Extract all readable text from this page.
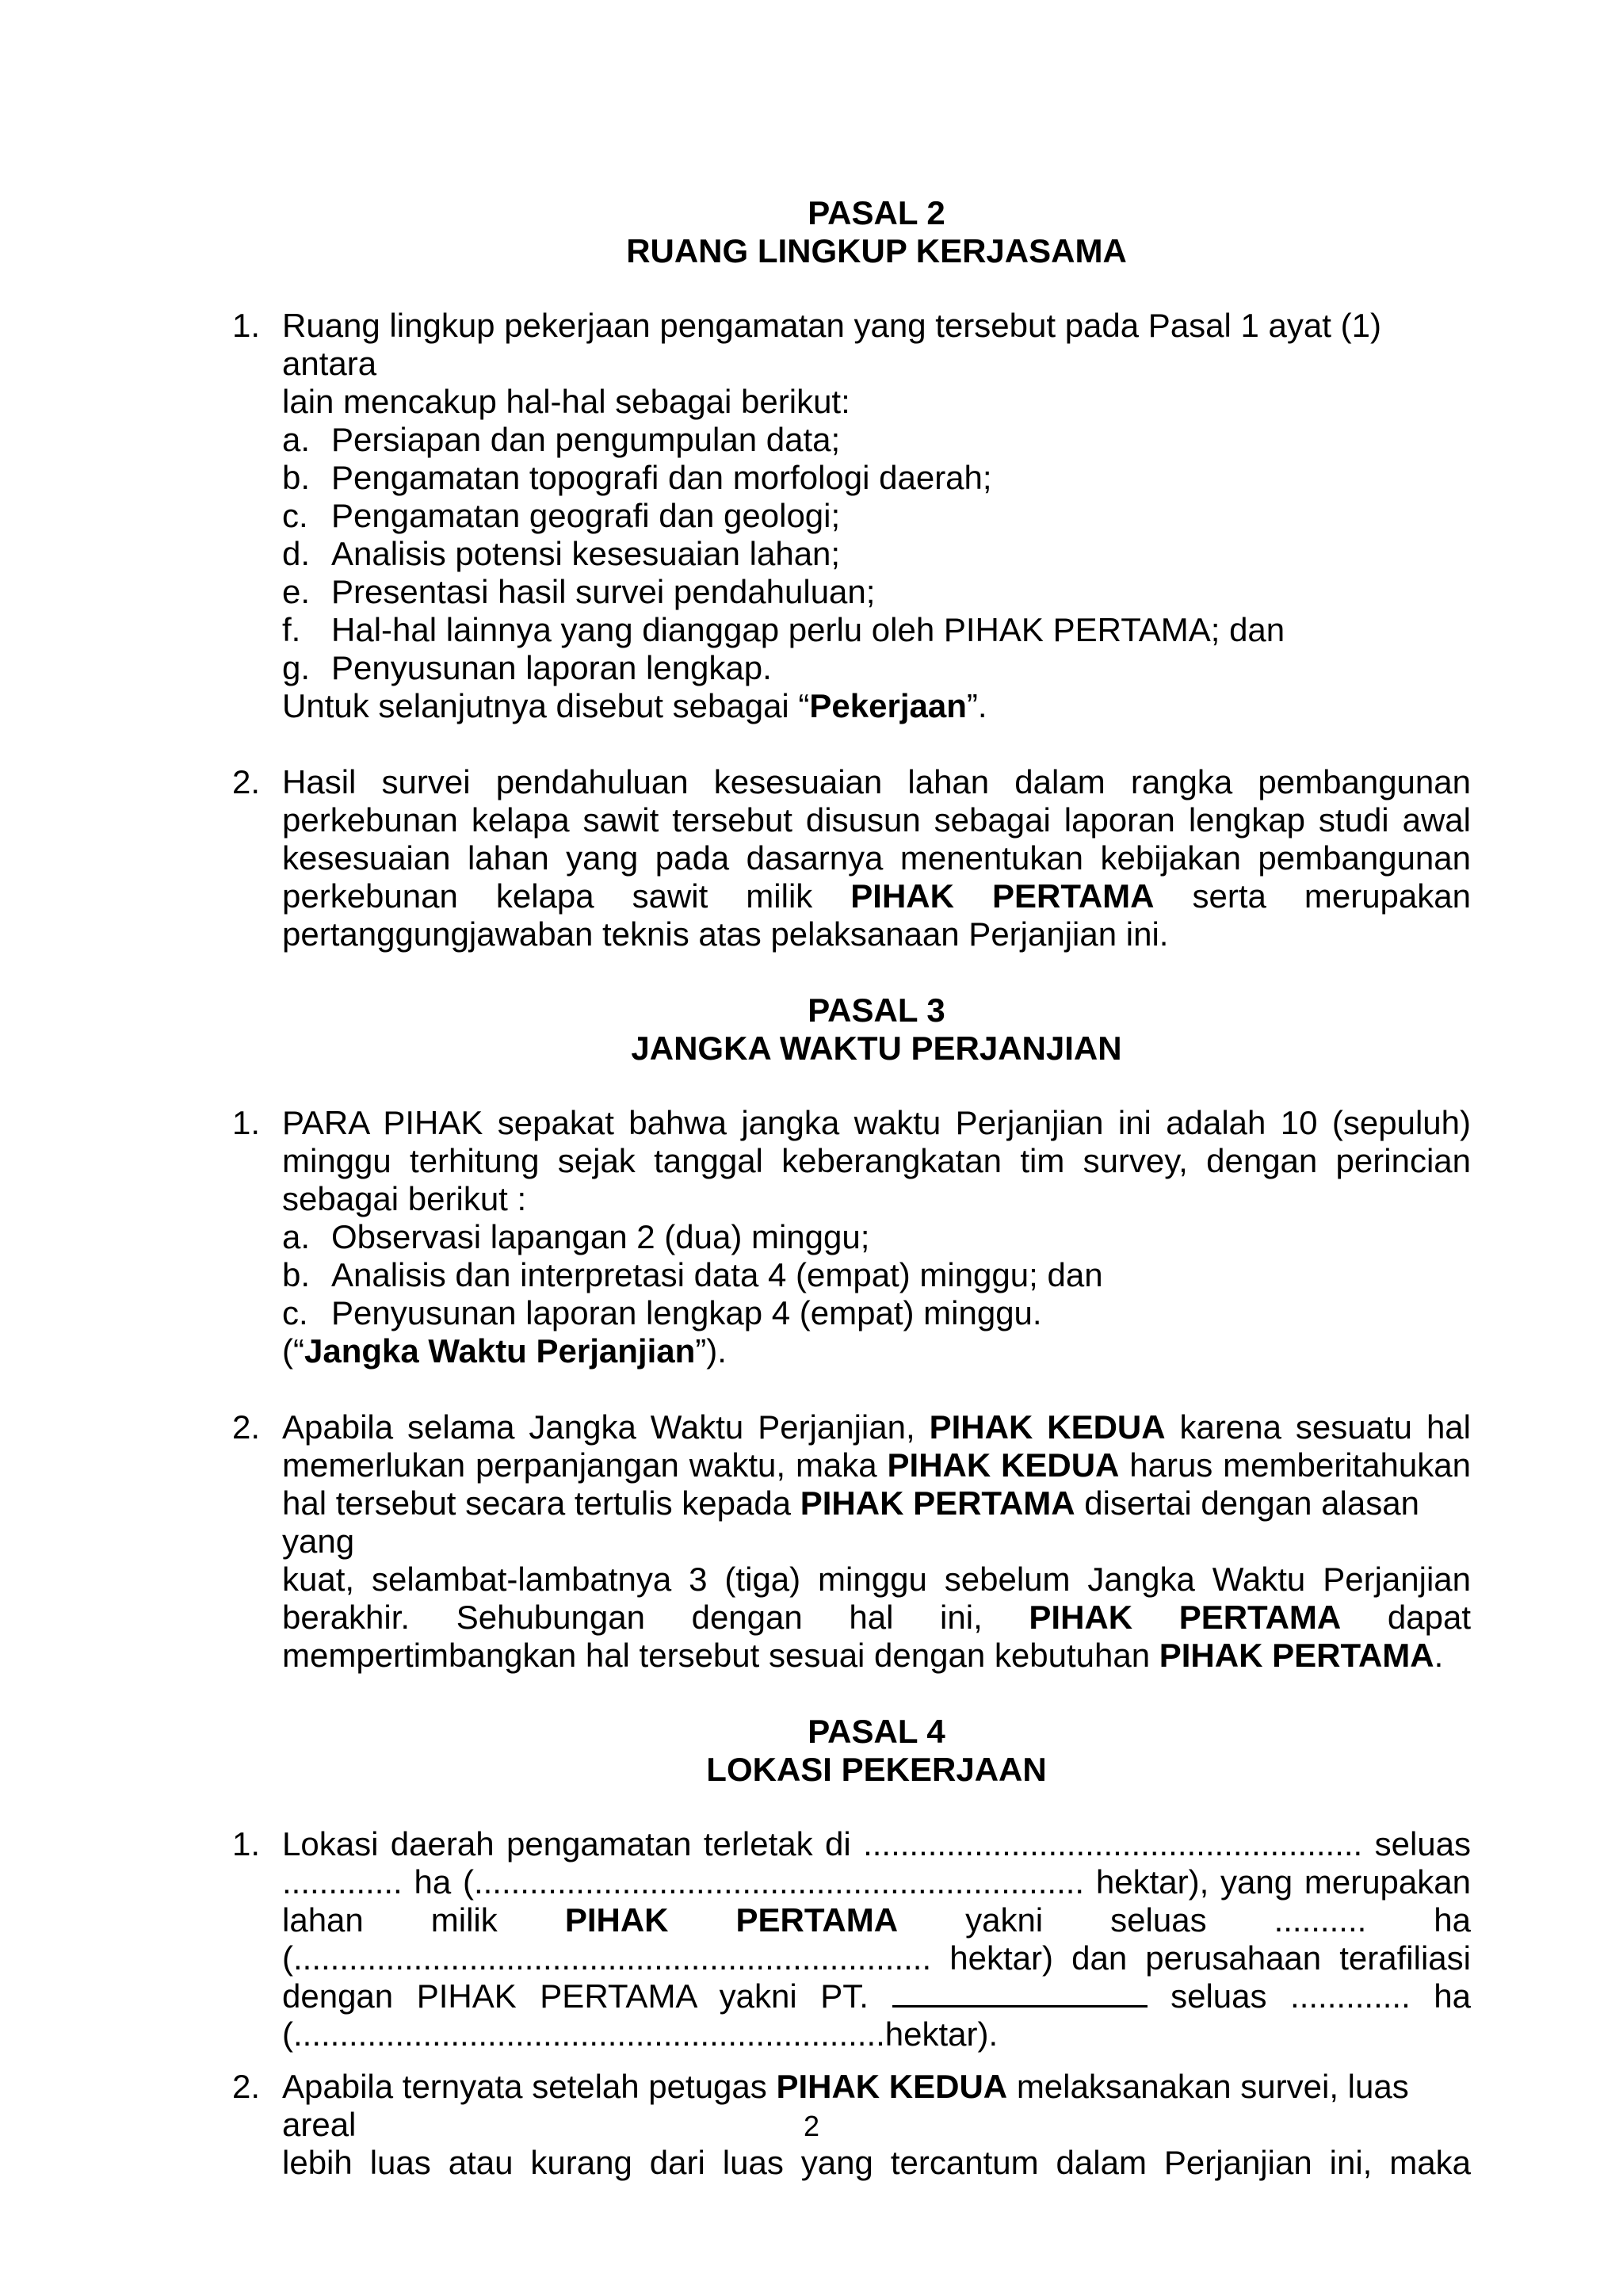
PASAL 2
RUANG LINGKUP KERJASAMA
1. Ruang lingkup pekerjaan pengamatan yang tersebut pada Pasal 1 ayat (1) antara
lain mencakup hal-hal sebagai berikut:
a. Persiapan dan pengumpulan data;
b. Pengamatan topografi dan morfologi daerah;
c. Pengamatan geografi dan geologi;
d. Analisis potensi kesesuaian lahan;
e. Presentasi hasil survei pendahuluan;
f. Hal-hal lainnya yang dianggap perlu oleh PIHAK PERTAMA; dan
g. Penyusunan laporan lengkap.
Untuk selanjutnya disebut sebagai “Pekerjaan”.
2. Hasil survei pendahuluan kesesuaian lahan dalam rangka pembangunan
perkebunan kelapa sawit tersebut disusun sebagai laporan lengkap studi awal
kesesuaian lahan yang pada dasarnya menentukan kebijakan pembangunan
perkebunan kelapa sawit milik PIHAK PERTAMA serta merupakan
pertanggungjawaban teknis atas pelaksanaan Perjanjian ini.
PASAL 3
JANGKA WAKTU PERJANJIAN
1. PARA PIHAK sepakat bahwa jangka waktu Perjanjian ini adalah 10 (sepuluh)
minggu terhitung sejak tanggal keberangkatan tim survey, dengan perincian
sebagai berikut :
a. Observasi lapangan 2 (dua) minggu;
b. Analisis dan interpretasi data 4 (empat) minggu; dan
c. Penyusunan laporan lengkap 4 (empat) minggu.
(“Jangka Waktu Perjanjian”).
2. Apabila selama Jangka Waktu Perjanjian, PIHAK KEDUA karena sesuatu hal
memerlukan perpanjangan waktu, maka PIHAK KEDUA harus memberitahukan
hal tersebut secara tertulis kepada PIHAK PERTAMA disertai dengan alasan yang
kuat, selambat-lambatnya 3 (tiga) minggu sebelum Jangka Waktu Perjanjian
berakhir. Sehubungan dengan hal ini, PIHAK PERTAMA dapat
mempertimbangkan hal tersebut sesuai dengan kebutuhan PIHAK PERTAMA.
PASAL 4
LOKASI PEKERJAAN
1. Lokasi daerah pengamatan terletak di ...................................................... seluas
............. ha (.................................................................. hektar), yang merupakan
lahan milik PIHAK PERTAMA yakni seluas .......... ha
(..................................................................... hektar) dan perusahaan terafiliasi
dengan PIHAK PERTAMA yakni PT.	seluas ............. ha
(................................................................hektar).
2. Apabila ternyata setelah petugas PIHAK KEDUA melaksanakan survei, luas areal
lebih luas atau kurang dari luas yang tercantum dalam Perjanjian ini, maka
2
